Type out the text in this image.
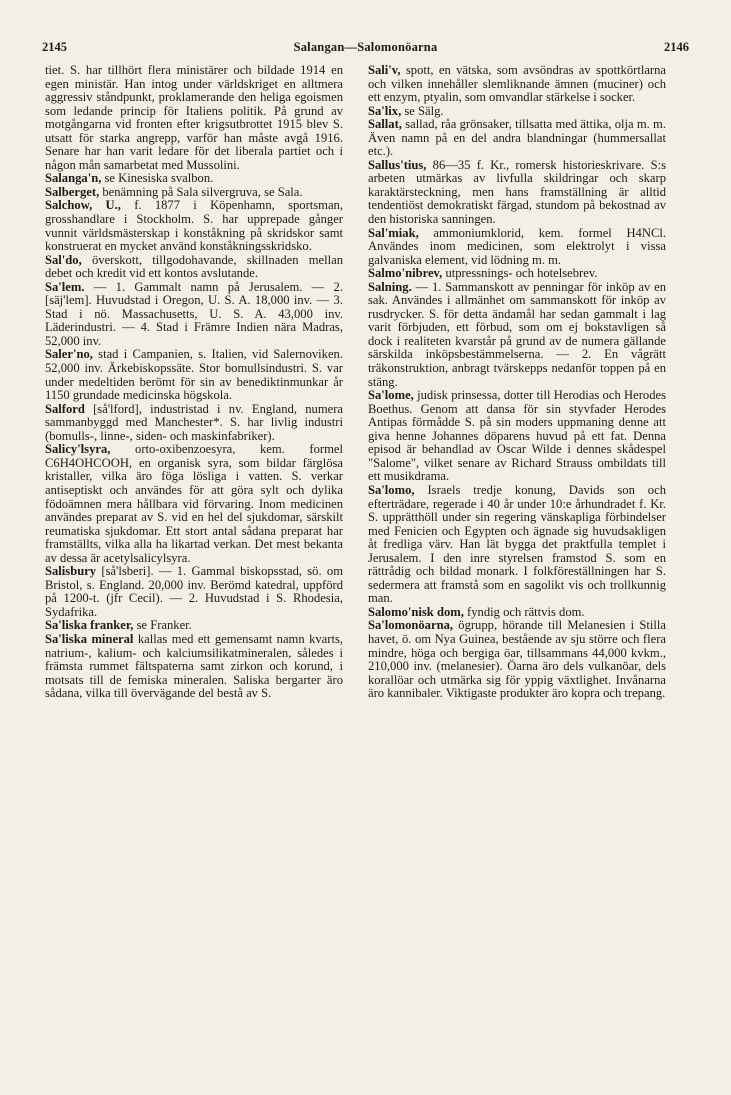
2145	Salangan—Salomonöarna	2146

tiet. S. har tillhört flera ministärer och bildade 1914 en egen ministär. Han intog under världskriget en alltmera aggressiv ståndpunkt, proklamerande den heliga egoismen som ledande princip för Italiens politik. På grund av motgångarna vid fronten efter krigsutbrottet 1915 blev S. utsatt för starka angrepp, varför han måste avgå 1916. Senare har han varit ledare för det liberala partiet och i någon mån samarbetat med Mussolini.

Salanga'n, se Kinesiska svalbon.

Salberget, benämning på Sala silvergruva, se Sala.

Salchow, U., f. 1877 i Köpenhamn, sportsman, grosshandlare i Stockholm. S. har upprepade gånger vunnit världsmästerskap i konståkning på skridskor samt konstruerat en mycket använd konståkningsskridsko.

Sal'do, överskott, tillgodohavande, skillnaden mellan debet och kredit vid ett kontos avslutande.

Sa'lem. — 1. Gammalt namn på Jerusalem. — 2. [säj'lem]. Huvudstad i Oregon, U. S. A. 18,000 inv. — 3. Stad i nö. Massachusetts, U. S. A. 43,000 inv. Läderindustri. — 4. Stad i Främre Indien nära Madras, 52,000 inv.

Saler'no, stad i Campanien, s. Italien, vid Salernoviken. 52,000 inv. Ärkebiskopssäte. Stor bomullsindustri. S. var under medeltiden berömt för sin av benediktinmunkar år 1150 grundade medicinska högskola.

Salford [så'lford], industristad i nv. England, numera sammanbyggd med Manchester*. S. har livlig industri (bomulls-, linne-, siden- och maskinfabriker).

Salicy'lsyra, orto-oxibenzoesyra, kem. formel C6H4OHCOOH, en organisk syra, som bildar färglösa kristaller, vilka äro föga lösliga i vatten. S. verkar antiseptiskt och användes för att göra sylt och dylika födoämnen mera hållbara vid förvaring. Inom medicinen användes preparat av S. vid en hel del sjukdomar, särskilt reumatiska sjukdomar. Ett stort antal sådana preparat har framställts, vilka alla ha likartad verkan. Det mest bekanta av dessa är acetylsalicylsyra.

Salisbury [så'lsberi]. — 1. Gammal biskopsstad, sö. om Bristol, s. England. 20,000 inv. Berömd katedral, uppförd på 1200-t. (jfr Cecil). — 2. Huvudstad i S. Rhodesia, Sydafrika.

Sa'liska franker, se Franker.

Sa'liska mineral kallas med ett gemensamt namn kvarts, natrium-, kalium- och kalciumsilikatmineralen, således i främsta rummet fältspaterna samt zirkon och korund, i motsats till de femiska mineralen. Saliska bergarter äro sådana, vilka till övervägande del bestå av S.

Sali'v, spott, en vätska, som avsöndras av spottkörtlarna och vilken innehåller slemliknande ämnen (muciner) och ett enzym, ptyalin, som omvandlar stärkelse i socker.

Sa'lix, se Sälg.

Sallat, sallad, råa grönsaker, tillsatta med ättika, olja m. m. Även namn på en del andra blandningar (hummersallat etc.).

Sallus'tius, 86—35 f. Kr., romersk historieskrivare. S:s arbeten utmärkas av livfulla skildringar och skarp karaktärsteckning, men hans framställning är alltid tendentiöst demokratiskt färgad, stundom på bekostnad av den historiska sanningen.

Sal'miak, ammoniumklorid, kem. formel H4NCl. Användes inom medicinen, som elektrolyt i vissa galvaniska element, vid lödning m. m.

Salmo'nibrev, utpressnings- och hotelsebrev.

Salning. — 1. Sammanskott av penningar för inköp av en sak. Användes i allmänhet om sammanskott för inköp av rusdrycker. S. för detta ändamål har sedan gammalt i lag varit förbjuden, ett förbud, som om ej bokstavligen så dock i realiteten kvarstår på grund av de numera gällande särskilda inköpsbestämmelserna. — 2. En vågrätt träkonstruktion, anbragt tvärskepps nedanför toppen på en stäng.

Sa'lome, judisk prinsessa, dotter till Herodias och Herodes Boethus. Genom att dansa för sin styvfader Herodes Antipas förmådde S. på sin moders uppmaning denne att giva henne Johannes döparens huvud på ett fat. Denna episod är behandlad av Oscar Wilde i dennes skådespel "Salome", vilket senare av Richard Strauss ombildats till ett musikdrama.

Sa'lomo, Israels tredje konung, Davids son och efterträdare, regerade i 40 år under 10:e århundradet f. Kr. S. upprätthöll under sin regering vänskapliga förbindelser med Fenicien och Egypten och ägnade sig huvudsakligen åt fredliga värv. Han lät bygga det praktfulla templet i Jerusalem. I den inre styrelsen framstod S. som en rättrådig och bildad monark. I folkföreställningen har S. sedermera att framstå som en sagolikt vis och trollkunnig man.

Salomo'nisk dom, fyndig och rättvis dom.

Sa'lomonöarna, ögrupp, hörande till Melanesien i Stilla havet, ö. om Nya Guinea, bestående av sju större och flera mindre, höga och bergiga öar, tillsammans 44,000 kvkm., 210,000 inv. (melanesier). Öarna äro dels vulkanöar, dels korallöar och utmärka sig för yppig växtlighet. Invånarna äro kannibaler. Viktigaste produkter äro kopra och trepang.
